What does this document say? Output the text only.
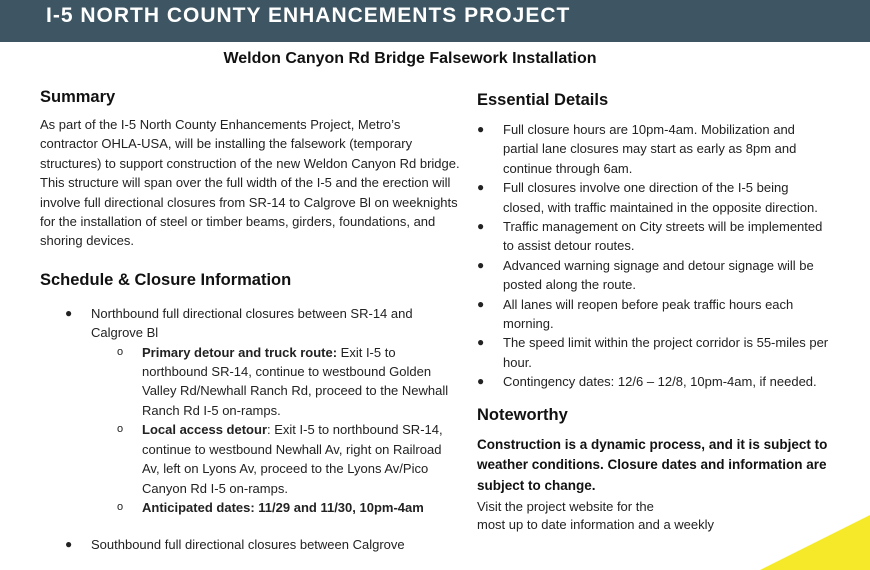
I-5 NORTH COUNTY ENHANCEMENTS PROJECT
Weldon Canyon Rd Bridge Falsework Installation
Summary

As part of the I-5 North County Enhancements Project, Metro’s contractor OHLA-USA, will be installing the falsework (temporary structures) to support construction of the new Weldon Canyon Rd bridge. This structure will span over the full width of the I-5 and the erection will involve full directional closures from SR-14 to Calgrove Bl on weeknights for the installation of steel or timber beams, girders, foundations, and shoring devices.

Schedule & Closure Information
● Northbound full directional closures between SR-14 and Calgrove Bl
o Primary detour and truck route: Exit I-5 to northbound SR-14, continue to westbound Golden Valley Rd/Newhall Ranch Rd, proceed to the Newhall Ranch Rd I-5 on-ramps.
o Local access detour: Exit I-5 to northbound SR-14, continue to westbound Newhall Av, right on Railroad Av, left on Lyons Av, proceed to the Lyons Av/Pico Canyon Rd I-5 on-ramps.
o Anticipated dates: 11/29 and 11/30, 10pm-4am
● Southbound full directional closures between Calgrove
Essential Details
● Full closure hours are 10pm-4am. Mobilization and partial lane closures may start as early as 8pm and continue through 6am.
● Full closures involve one direction of the I-5 being closed, with traffic maintained in the opposite direction.
● Traffic management on City streets will be implemented to assist detour routes.
● Advanced warning signage and detour signage will be posted along the route.
● All lanes will reopen before peak traffic hours each morning.
● The speed limit within the project corridor is 55-miles per hour.
● Contingency dates: 12/6 – 12/8, 10pm-4am, if needed.
Noteworthy

Construction is a dynamic process, and it is subject to weather conditions. Closure dates and information are subject to change.

Visit the project website for the
most up to date information and a weekly
